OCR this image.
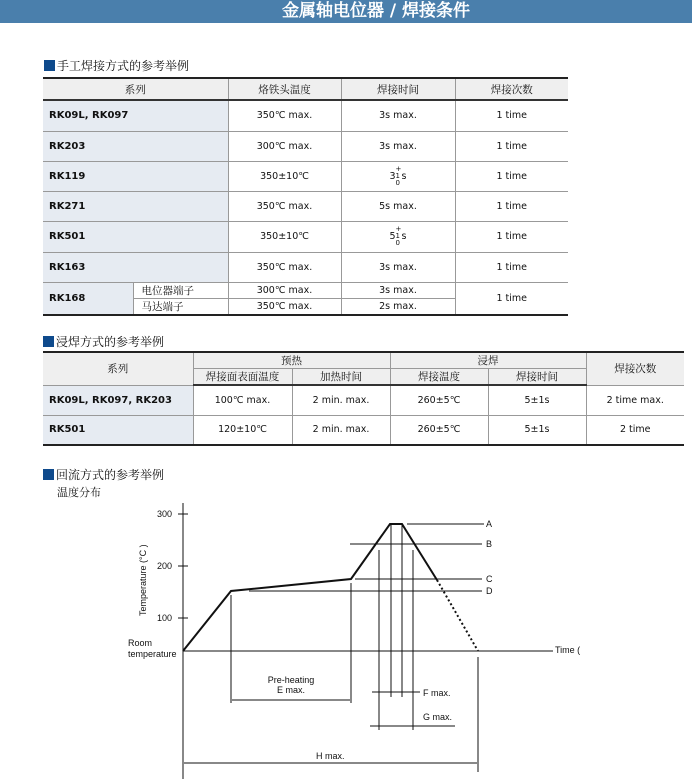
金属轴电位器 / 焊接条件
手工焊接方式的参考举例
系列		烙铁头温度	焊接时间	焊接次数
RK09L, RK097		350℃ max.	3s max.	1 time
RK203		300℃ max.	3s max.	1 time
RK119		350±10℃	3+1 0s	1 time
RK271		350℃ max.	5s max.	1 time
RK501		350±10℃	5+1 0s	1 time
RK163		350℃ max.	3s max.	1 time
RK168	电位器端子	300℃ max.	3s max.	1 time
	马达端子	350℃ max.	2s max.	
浸焊方式的参考举例
系列	预热		浸焊		焊接次数
	焊接面表面温度	加热时间	焊接温度	焊接时间	
RK09L, RK097, RK203	100℃ max.	2 min. max.	260±5℃	5±1s	2 time max.
RK501	120±10℃	2 min. max.	260±5℃	5±1s	2 time
回流方式的参考举例
温度分布
300
200
100
Room
temperature
Temperature (°C )
Time (
A
B
C
D
Pre-heating
E max.	F max.
G max.
H max.
